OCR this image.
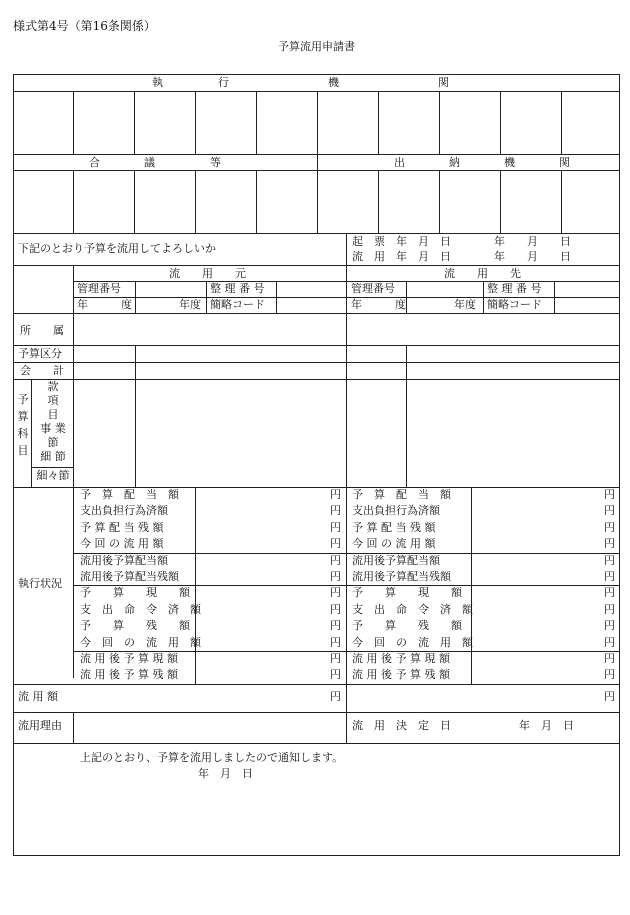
様式第4号（第16条関係）
予算流用申請書
執　　　　　行　　　　　　　　　機　　　　　　　　　関
合　　　　議　　　　　等	出　　　　納　　　　機　　　　関
下記のとおり予算を流用してよろしいか
起　票　年　月　日	年　　月　　日
流　用　年　月　日	年　　月　　日
流　　用　　元	流　　用　　先
管理番号	整 理 番 号	管理番号	整 理 番 号
年　　　度	年度 簡略コード	年　　　度	年度 簡略コード
所　　属
予算区分
会　　計
予算科目
款
項
目
事 業
節
細 節
細々節
執行状況
予　算　配　当　額	円 予　算　配　当　額	円
支出負担行為済額	円 支出負担行為済額	円
予 算 配 当 残 額	円 予 算 配 当 残 額	円
今 回 の 流 用 額	円 今 回 の 流 用 額	円
流用後予算配当額	円 流用後予算配当額	円
流用後予算配当残額	円 流用後予算配当残額	円
予　　算　　現　　額	円 予　　算　　現　　額	円
支　出　命　令　済　額	円 支　出　命　令　済　額	円
予　　算　　残　　額	円 予　　算　　残　　額	円
今　回　の　流　用　額	円 今　回　の　流　用　額	円
流 用 後 予 算 現 額	円 流 用 後 予 算 現 額	円
流 用 後 予 算 残 額	円 流 用 後 予 算 残 額	円
流 用 額	円	円
流用理由	流　用　決　定　日	年　月　日
上記のとおり、予算を流用しましたので通知します。
年　月　日
